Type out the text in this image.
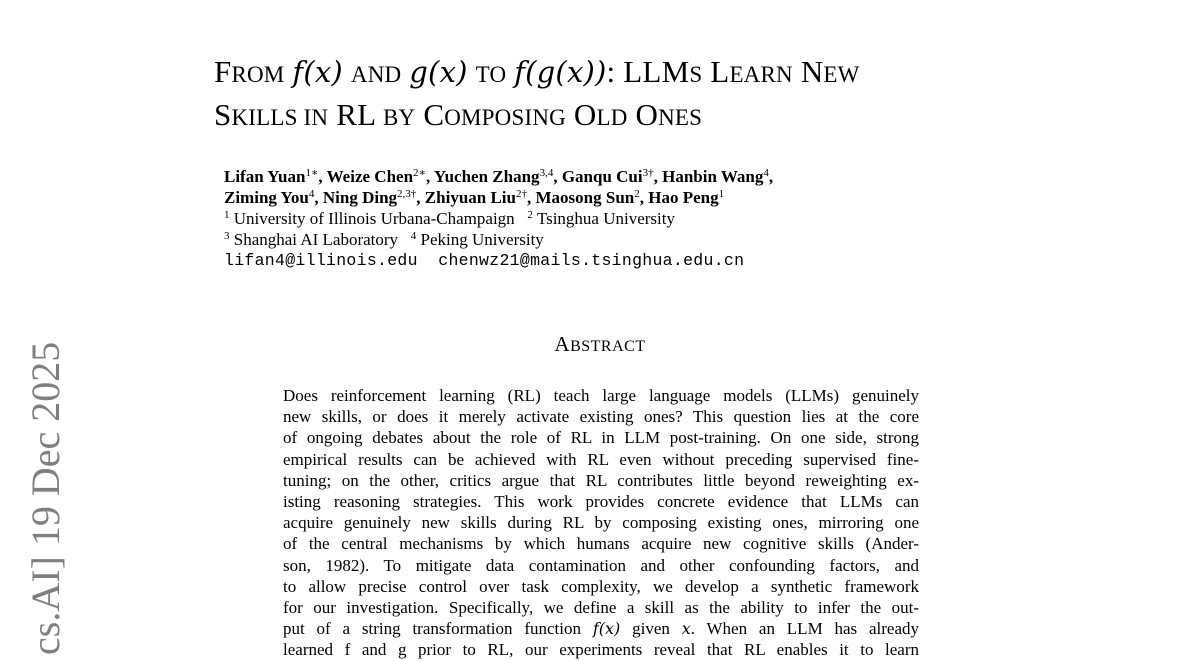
cs.AI] 19 Dec 2025
FROM f(x) AND g(x) TO f(g(x)): LLMS LEARN NEW
SKILLS IN RL BY COMPOSING OLD ONES
Lifan Yuan$^{1∗}$, Weize Chen$^{2∗}$, Yuchen Zhang$^{3,4}$, Ganqu Cui$^{3\dagger}$, Hanbin Wang$^4$,
Ziming You$^4$, Ning Ding$^{2,3\dagger}$, Zhiyuan Liu$^{2\dagger}$, Maosong Sun$^2$, Hao Peng$^1$
$^1$ University of Illinois Urbana-Champaign $^2$ Tsinghua University
$^3$ Shanghai AI Laboratory $^4$ Peking University
lifan4@illinois.edu chenwz21@mails.tsinghua.edu.cn
ABSTRACT
Does reinforcement learning (RL) teach large language models (LLMs) genuinely
new skills, or does it merely activate existing ones? This question lies at the core
of ongoing debates about the role of RL in LLM post-training. On one side, strong
empirical results can be achieved with RL even without preceding supervised fine-
tuning; on the other, critics argue that RL contributes little beyond reweighting ex-
isting reasoning strategies. This work provides concrete evidence that LLMs can
acquire genuinely new skills during RL by composing existing ones, mirroring one
of the central mechanisms by which humans acquire new cognitive skills (Ander-
son, 1982). To mitigate data contamination and other confounding factors, and
to allow precise control over task complexity, we develop a synthetic framework
for our investigation. Specifically, we define a skill as the ability to infer the out-
put of a string transformation function f(x) given x. When an LLM has already
learned f and g prior to RL, our experiments reveal that RL enables it to learn
